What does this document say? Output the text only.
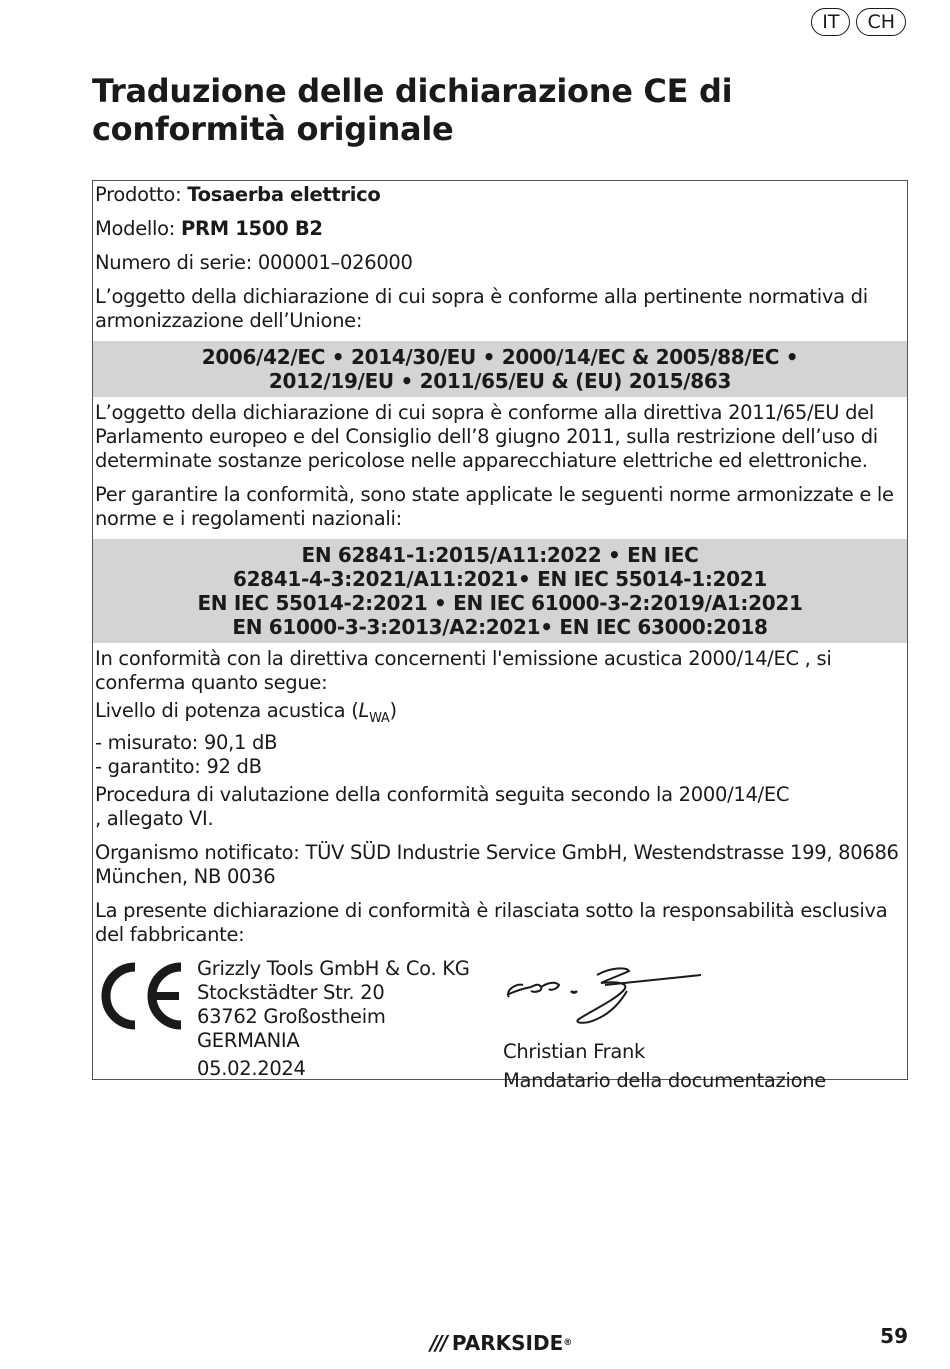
IT	CH
Traduzione delle dichiarazione CE di conformità originale

Prodotto: Tosaerba elettrico

Modello: PRM 1500 B2

Numero di serie: 000001–026000

L’oggetto della dichiarazione di cui sopra è conforme alla pertinente normativa di armonizzazione dell’Unione:

2006/42/EC • 2014/30/EU • 2000/14/EC & 2005/88/EC •
2012/19/EU • 2011/65/EU & (EU) 2015/863

L’oggetto della dichiarazione di cui sopra è conforme alla direttiva 2011/65/EU del Parlamento europeo e del Consiglio dell’8 giugno 2011, sulla restrizione dell’uso di determinate sostanze pericolose nelle apparecchiature elettriche ed elettroniche.

Per garantire la conformità, sono state applicate le seguenti norme armonizzate e le norme e i regolamenti nazionali:

EN 62841-1:2015/A11:2022 • EN IEC
62841-4-3:2021/A11:2021• EN IEC 55014-1:2021
EN IEC 55014-2:2021 • EN IEC 61000-3-2:2019/A1:2021
EN 61000-3-3:2013/A2:2021• EN IEC 63000:2018

In conformità con la direttiva concernenti l'emissione acustica 2000/14/EC , si conferma quanto segue:

Livello di potenza acustica $(L_{WA})$

- misurato: 90,1 dB

- garantito: 92 dB

Procedura di valutazione della conformità seguita secondo la 2000/14/EC , allegato VI.

Organismo notificato: TÜV SÜD Industrie Service GmbH, Westendstrasse 199, 80686 München, NB 0036

La presente dichiarazione di conformità è rilasciata sotto la responsabilità esclusiva del fabbricante:

Grizzly Tools GmbH & Co. KG
Stockstädter Str. 20
63762 Großostheim
GERMANIA
05.02.2024
Christian Frank
Mandatario della documentazione
/// PARKSIDE ®	59
